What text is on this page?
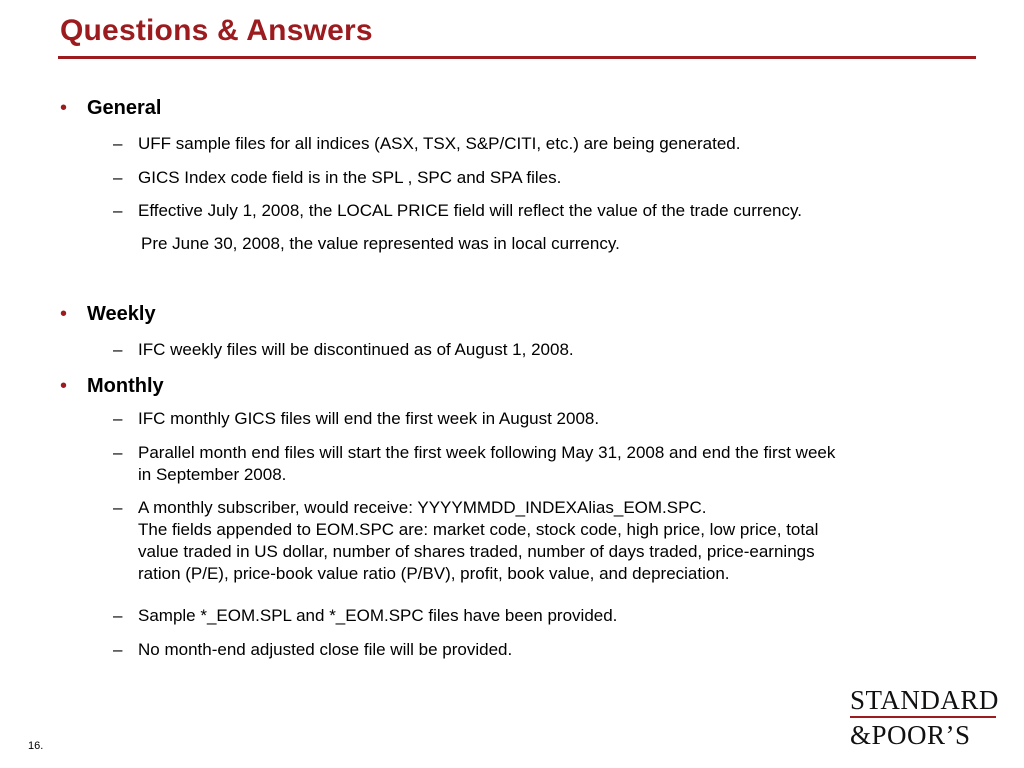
Questions & Answers
• General
– UFF sample files for all indices (ASX, TSX, S&P/CITI, etc.) are being generated.
– GICS Index code field is in the SPL , SPC and SPA files.
– Effective July 1, 2008, the LOCAL PRICE field will reflect the value of the trade currency.
Pre June 30, 2008, the value represented was in local currency.
• Weekly
– IFC weekly files will be discontinued as of August 1, 2008.
• Monthly
– IFC monthly GICS files will end the first week in August 2008.
– Parallel month end files will start the first week following May 31, 2008 and end the first week
in September 2008.
– A monthly subscriber, would receive: YYYYMMDD_INDEXAlias_EOM.SPC.
The fields appended to EOM.SPC are: market code, stock code, high price, low price, total
value traded in US dollar, number of shares traded, number of days traded, price-earnings
ration (P/E), price-book value ratio (P/BV), profit, book value, and depreciation.
– Sample *_EOM.SPL and *_EOM.SPC files have been provided.
– No month-end adjusted close file will be provided.
16.
STANDARD
&POOR’S
